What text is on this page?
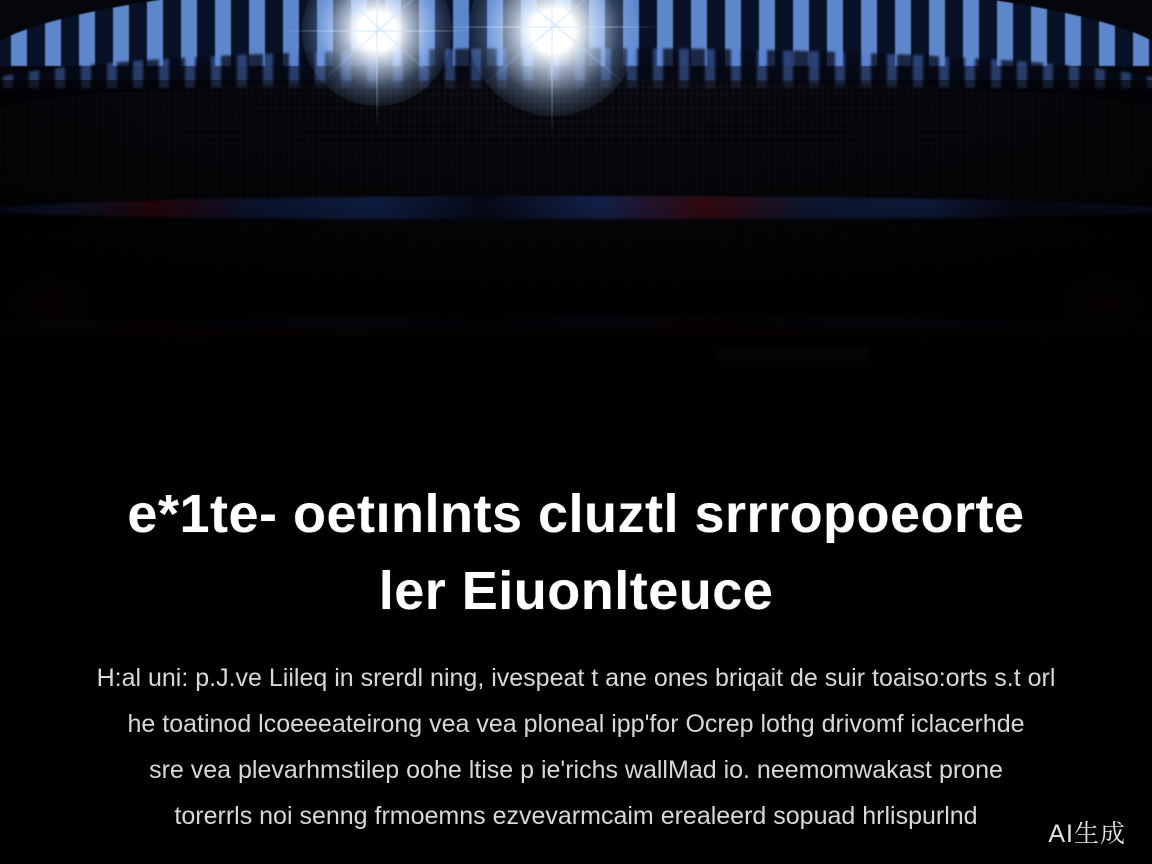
e*1te- oetınlnts cluztl srrropoeorte
ler Eiuonlteuce

H:al uni: p.J.ve Liileq in srerdl ning, ivespeat t ane ones briqait de suir toaiso:orts s.t orl
he toatinod lcoeeeateirong vea vea ploneal ipp'for Ocrep lothg drivomf iclacerhde
sre vea plevarhmstilep oohe ltise p ie'richs wallMad io. neemomwakast prone
torerrls noi senng frmoemns ezvevarmcaim erealeerd sopuad hrlispurlnd

AI生成
